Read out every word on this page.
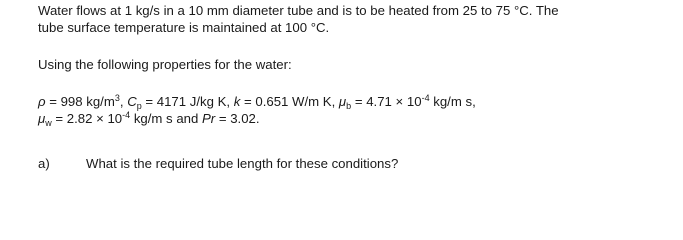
Water flows at 1 kg/s in a 10 mm diameter tube and is to be heated from 25 to 75 °C. The
tube surface temperature is maintained at 100 °C.
Using the following properties for the water:
ρ = 998 $kg/m^3$, $C_p = 4171$ J/kg K, k = 0.651 W/m K, $\mu_b = 4.71 \times 10^{-4}$ kg/m s,
$\mu_w = 2.82 \times 10^{-4}$ kg/m s and Pr = 3.02.
a)	What is the required tube length for these conditions?
